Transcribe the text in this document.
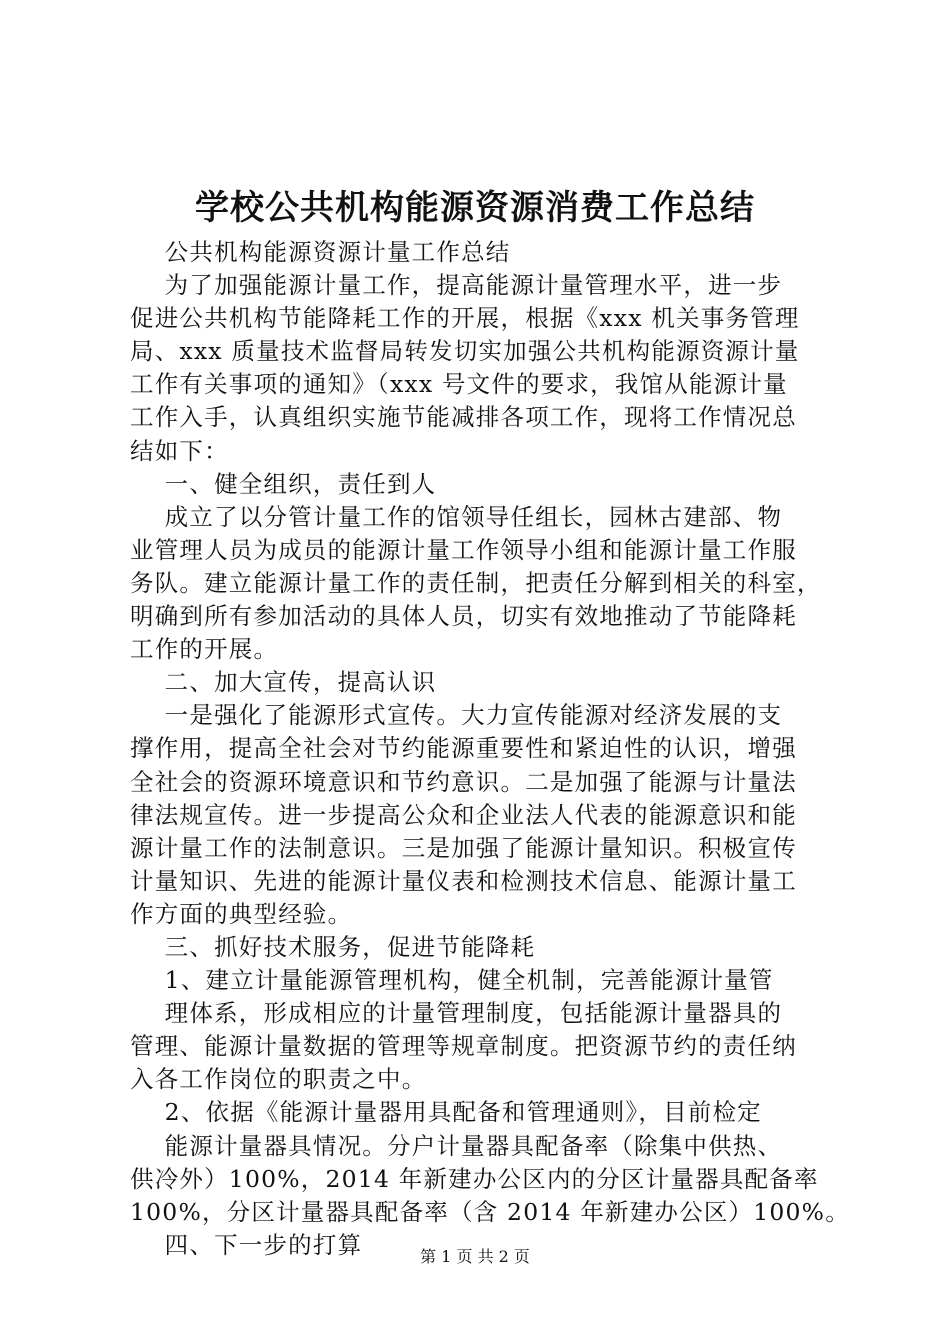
学校公共机构能源资源消费工作总结
公共机构能源资源计量工作总结
为了加强能源计量工作，提高能源计量管理水平，进一步
促进公共机构节能降耗工作的开展，根据《xxx 机关事务管理
局、xxx 质量技术监督局转发切实加强公共机构能源资源计量
工作有关事项的通知》（xxx 号文件的要求，我馆从能源计量
工作入手，认真组织实施节能减排各项工作，现将工作情况总
结如下：
一、健全组织，责任到人
成立了以分管计量工作的馆领导任组长，园林古建部、物
业管理人员为成员的能源计量工作领导小组和能源计量工作服
务队。建立能源计量工作的责任制，把责任分解到相关的科室，
明确到所有参加活动的具体人员，切实有效地推动了节能降耗
工作的开展。
二、加大宣传，提高认识
一是强化了能源形式宣传。大力宣传能源对经济发展的支
撑作用，提高全社会对节约能源重要性和紧迫性的认识，增强
全社会的资源环境意识和节约意识。二是加强了能源与计量法
律法规宣传。进一步提高公众和企业法人代表的能源意识和能
源计量工作的法制意识。三是加强了能源计量知识。积极宣传
计量知识、先进的能源计量仪表和检测技术信息、能源计量工
作方面的典型经验。
三、抓好技术服务，促进节能降耗
1、建立计量能源管理机构，健全机制，完善能源计量管
理体系，形成相应的计量管理制度，包括能源计量器具的
管理、能源计量数据的管理等规章制度。把资源节约的责任纳
入各工作岗位的职责之中。
2、依据《能源计量器用具配备和管理通则》，目前检定
能源计量器具情况。分户计量器具配备率（除集中供热、
供冷外）100%，2014 年新建办公区内的分区计量器具配备率
100%，分区计量器具配备率（含 2014 年新建办公区）100%。
四、下一步的打算	第 1 页 共 2 页
